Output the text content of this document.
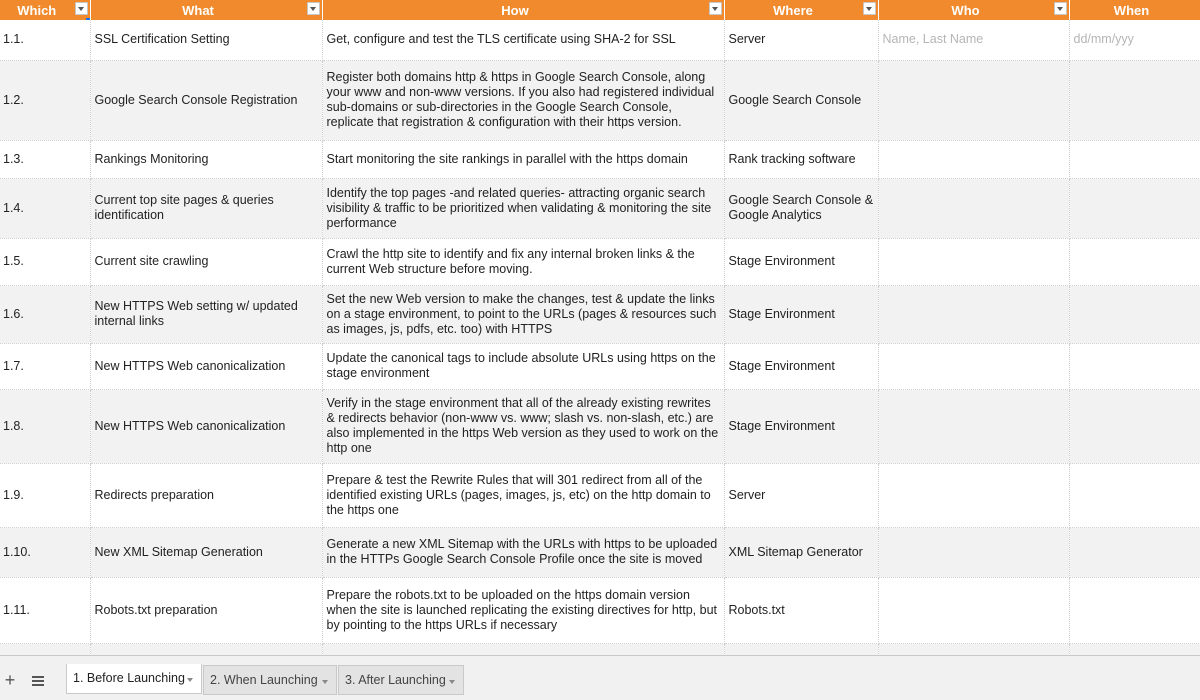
Which	What	How	Where	Who	When
1.1.	SSL Certification Setting	Get, configure and test the TLS certificate using SHA-2 for SSL	Server	Name, Last Name	dd/mm/yyy
1.2.	Google Search Console Registration	Register both domains http & https in Google Search Console, along your www and non-www versions. If you also had registered individual sub-domains or sub-directories in the Google Search Console, replicate that registration & configuration with their https version.	Google Search Console		
1.3.	Rankings Monitoring	Start monitoring the site rankings in parallel with the https domain	Rank tracking software		
1.4.	Current top site pages & queries identification	Identify the top pages -and related queries- attracting organic search visibility & traffic to be prioritized when validating & monitoring the site performance	Google Search Console & Google Analytics		
1.5.	Current site crawling	Crawl the http site to identify and fix any internal broken links & the current Web structure before moving.	Stage Environment		
1.6.	New HTTPS Web setting w/ updated internal links	Set the new Web version to make the changes, test & update the links on a stage environment, to point to the URLs (pages & resources such as images, js, pdfs, etc. too) with HTTPS	Stage Environment		
1.7.	New HTTPS Web canonicalization	Update the canonical tags to include absolute URLs using https on the stage environment	Stage Environment		
1.8.	New HTTPS Web canonicalization	Verify in the stage environment that all of the already existing rewrites & redirects behavior (non-www vs. www; slash vs. non-slash, etc.) are also implemented in the https Web version as they used to work on the http one	Stage Environment		
1.9.	Redirects preparation	Prepare & test the Rewrite Rules that will 301 redirect from all of the identified existing URLs (pages, images, js, etc) on the http domain to the https one	Server		
1.10.	New XML Sitemap Generation	Generate a new XML Sitemap with the URLs with https to be uploaded in the HTTPs Google Search Console Profile once the site is moved	XML Sitemap Generator		
1.11.	Robots.txt preparation	Prepare the robots.txt to be uploaded on the https domain version when the site is launched replicating the existing directives for http, but by pointing to the https URLs if necessary	Robots.txt		

+	1. Before Launching	2. When Launching	3. After Launching
